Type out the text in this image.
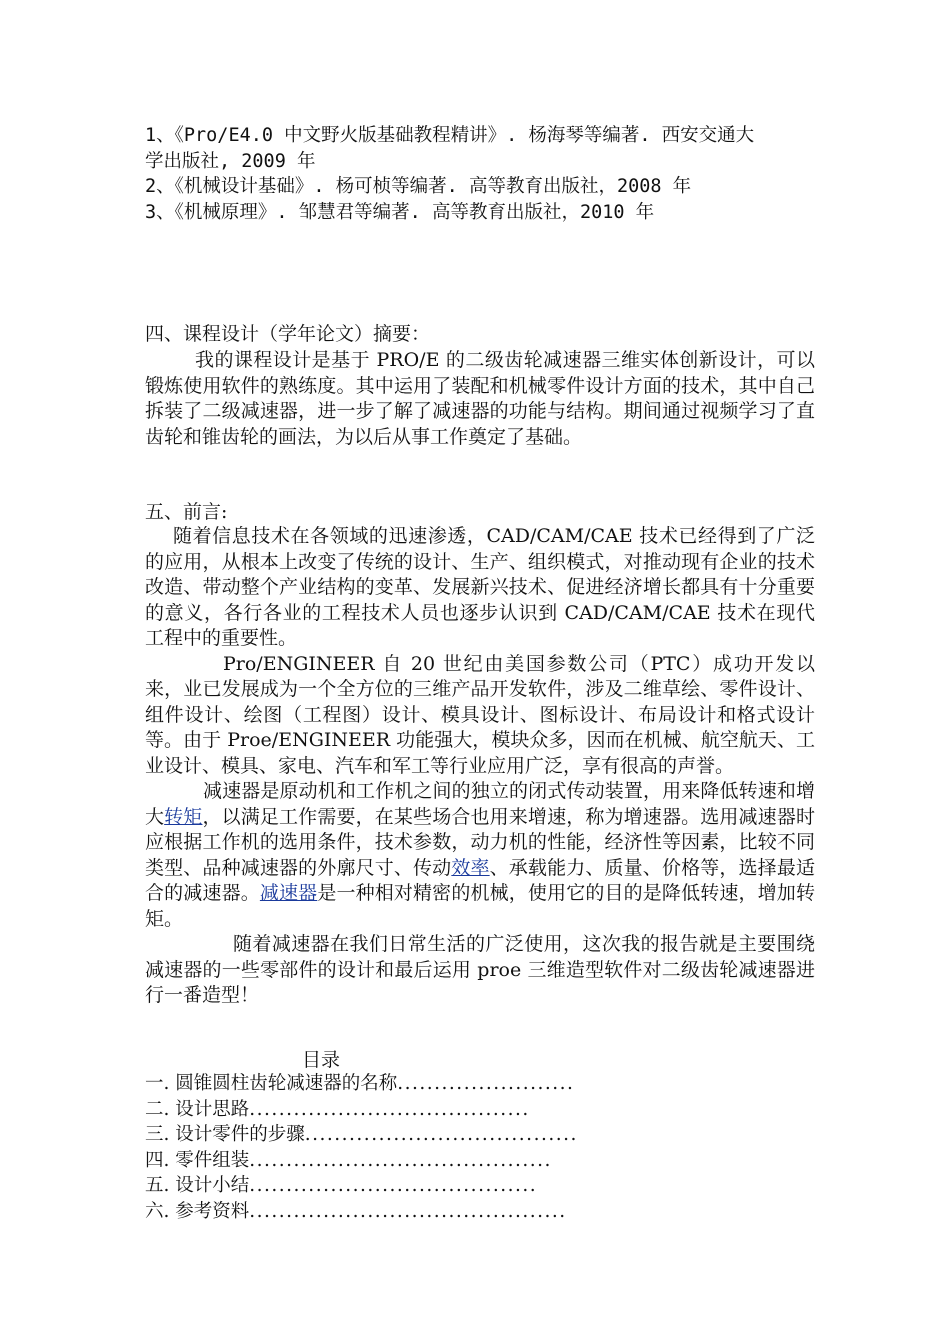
1、《Pro/E4.0 中文野火版基础教程精讲》. 杨海琴等编著. 西安交通大
学出版社, 2009 年
2、《机械设计基础》. 杨可桢等编著. 高等教育出版社，2008 年
3、《机械原理》. 邹慧君等编著. 高等教育出版社，2010 年
四、课程设计（学年论文）摘要：

我的课程设计是基于 PRO/E 的二级齿轮减速器三维实体创新设计，可以锻炼使用软件的熟练度。其中运用了装配和机械零件设计方面的技术，其中自己拆装了二级减速器，进一步了解了减速器的功能与结构。期间通过视频学习了直齿轮和锥齿轮的画法，为以后从事工作奠定了基础。

五、前言:

随着信息技术在各领域的迅速渗透，CAD/CAM/CAE 技术已经得到了广泛的应用，从根本上改变了传统的设计、生产、组织模式，对推动现有企业的技术改造、带动整个产业结构的变革、发展新兴技术、促进经济增长都具有十分重要的意义，各行各业的工程技术人员也逐步认识到 CAD/CAM/CAE 技术在现代工程中的重要性。

Pro/ENGINEER 自 20 世纪由美国参数公司（PTC）成功开发以来，业已发展成为一个全方位的三维产品开发软件，涉及二维草绘、零件设计、组件设计、绘图（工程图）设计、模具设计、图标设计、布局设计和格式设计等。由于 Proe/ENGINEER 功能强大，模块众多，因而在机械、航空航天、工业设计、模具、家电、汽车和军工等行业应用广泛，享有很高的声誉。

减速器是原动机和工作机之间的独立的闭式传动装置，用来降低转速和增大转矩，以满足工作需要，在某些场合也用来增速，称为增速器。选用减速器时应根据工作机的选用条件，技术参数，动力机的性能，经济性等因素，比较不同类型、品种减速器的外廓尺寸、传动效率、承载能力、质量、价格等，选择最适合的减速器。减速器是一种相对精密的机械，使用它的目的是降低转速，增加转矩。

随着减速器在我们日常生活的广泛使用，这次我的报告就是主要围绕减速器的一些零部件的设计和最后运用 proe 三维造型软件对二级齿轮减速器进行一番造型！

目录
一. 圆锥圆柱齿轮减速器的名称........................
二. 设计思路......................................
三. 设计零件的步骤.....................................
四. 零件组装.........................................
五. 设计小结.......................................
六. 参考资料...........................................
